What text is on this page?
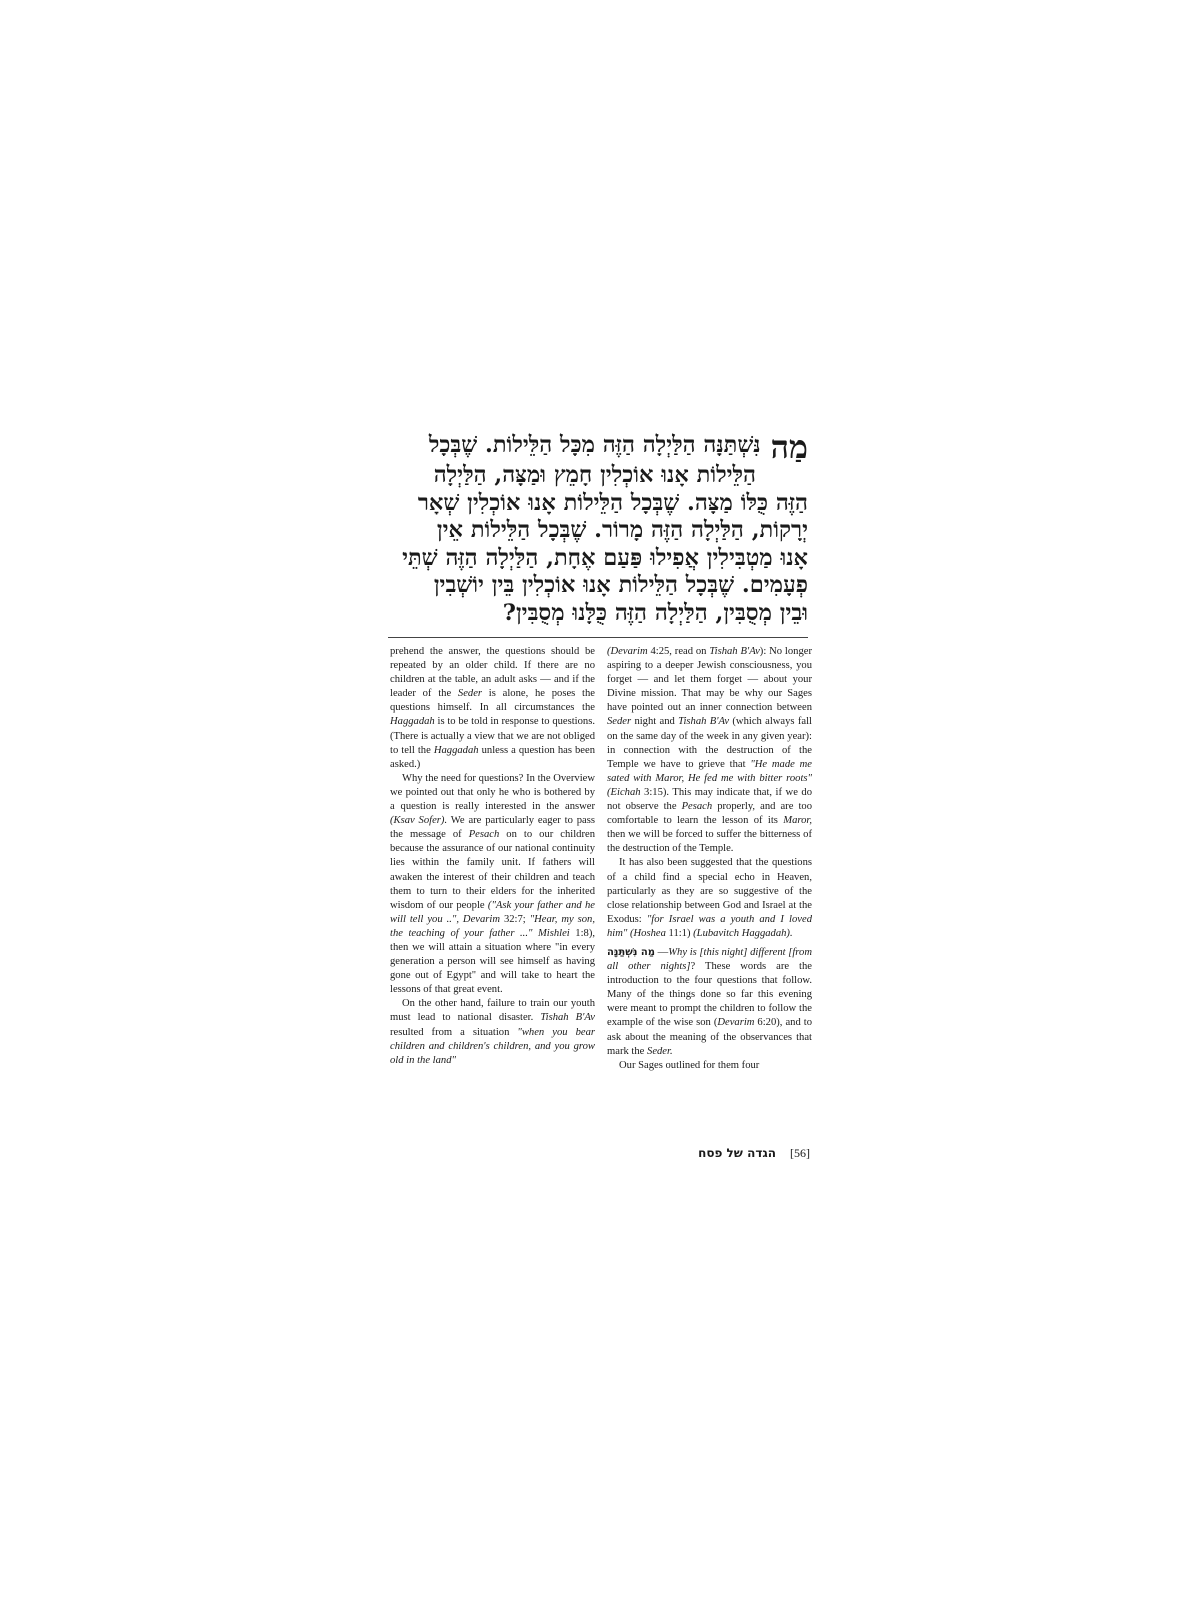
מַה
נִּשְׁתַּנָּה הַלַּיְלָה הַזֶּה מִכָּל הַלֵּילוֹת. שֶׁבְּכָל
הַלֵּילוֹת אָנוּ אוֹכְלִין חָמֵץ וּמַצָּה, הַלַּיְלָה
הַזֶּה כֻּלּוֹ מַצָּה. שֶׁבְּכָל הַלֵּילוֹת אָנוּ אוֹכְלִין שְׁאָר
יְרָקוֹת, הַלַּיְלָה הַזֶּה מָרוֹר. שֶׁבְּכָל הַלֵּילוֹת אֵין
אָנוּ מַטְבִּילִין אֲפִילוּ פַּעַם אֶחָת, הַלַּיְלָה הַזֶּה שְׁתֵּי
פְעָמִים. שֶׁבְּכָל הַלֵּילוֹת אָנוּ אוֹכְלִין בֵּין יוֹשְׁבִין
וּבֵין מְסֻבִּין, הַלַּיְלָה הַזֶּה כֻּלָּנוּ מְסֻבִּין?

prehend the answer, the questions should be repeated by an older child. If there are no children at the table, an adult asks — and if the leader of the Seder is alone, he poses the questions himself. In all circumstances the Haggadah is to be told in response to questions. (There is actually a view that we are not obliged to tell the Haggadah unless a question has been asked.)

Why the need for questions? In the Overview we pointed out that only he who is bothered by a question is really interested in the answer (Ksav Sofer). We are particularly eager to pass the message of Pesach on to our children because the assurance of our national continuity lies within the family unit. If fathers will awaken the interest of their children and teach them to turn to their elders for the inherited wisdom of our people ("Ask your father and he will tell you ..", Devarim 32:7; "Hear, my son, the teaching of your father ..." Mishlei 1:8), then we will attain a situation where "in every generation a person will see himself as having gone out of Egypt" and will take to heart the lessons of that great event.

On the other hand, failure to train our youth must lead to national disaster. Tishah B'Av resulted from a situation "when you bear children and children's children, and you grow old in the land"

(Devarim 4:25, read on Tishah B'Av): No longer aspiring to a deeper Jewish consciousness, you forget — and let them forget — about your Divine mission. That may be why our Sages have pointed out an inner connection between Seder night and Tishah B'Av (which always fall on the same day of the week in any given year): in connection with the destruction of the Temple we have to grieve that "He made me sated with Maror, He fed me with bitter roots" (Eichah 3:15). This may indicate that, if we do not observe the Pesach properly, and are too comfortable to learn the lesson of its Maror, then we will be forced to suffer the bitterness of the destruction of the Temple.

It has also been suggested that the questions of a child find a special echo in Heaven, particularly as they are so suggestive of the close relationship between God and Israel at the Exodus: "for Israel was a youth and I loved him" (Hoshea 11:1) (Lubavitch Haggadah).

מַה נִּשְׁתַּנָּה —Why is [this night] different [from all other nights]? These words are the introduction to the four questions that follow. Many of the things done so far this evening were meant to prompt the children to follow the example of the wise son (Devarim 6:20), and to ask about the meaning of the observances that mark the Seder.

Our Sages outlined for them four

הגדה של פסח [56]
